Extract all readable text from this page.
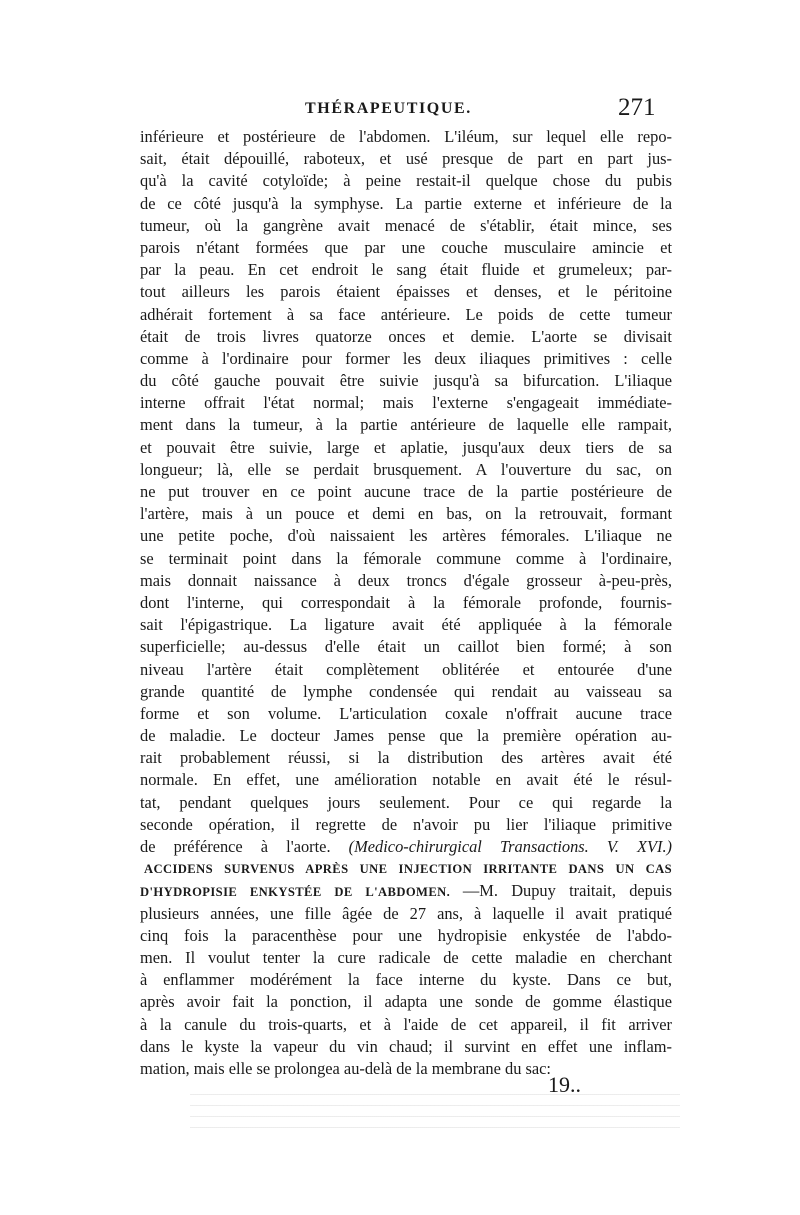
THÉRAPEUTIQUE.	271
inférieure et postérieure de l'abdomen. L'iléum, sur lequel elle repo-
sait, était dépouillé, raboteux, et usé presque de part en part jus-
qu'à la cavité cotyloïde; à peine restait-il quelque chose du pubis
de ce côté jusqu'à la symphyse. La partie externe et inférieure de la
tumeur, où la gangrène avait menacé de s'établir, était mince, ses
parois n'étant formées que par une couche musculaire amincie et
par la peau. En cet endroit le sang était fluide et grumeleux; par-
tout ailleurs les parois étaient épaisses et denses, et le péritoine
adhérait fortement à sa face antérieure. Le poids de cette tumeur
était de trois livres quatorze onces et demie. L'aorte se divisait
comme à l'ordinaire pour former les deux iliaques primitives : celle
du côté gauche pouvait être suivie jusqu'à sa bifurcation. L'iliaque
interne offrait l'état normal; mais l'externe s'engageait immédiate-
ment dans la tumeur, à la partie antérieure de laquelle elle rampait,
et pouvait être suivie, large et aplatie, jusqu'aux deux tiers de sa
longueur; là, elle se perdait brusquement. A l'ouverture du sac, on
ne put trouver en ce point aucune trace de la partie postérieure de
l'artère, mais à un pouce et demi en bas, on la retrouvait, formant
une petite poche, d'où naissaient les artères fémorales. L'iliaque ne
se terminait point dans la fémorale commune comme à l'ordinaire,
mais donnait naissance à deux troncs d'égale grosseur à-peu-près,
dont l'interne, qui correspondait à la fémorale profonde, fournis-
sait l'épigastrique. La ligature avait été appliquée à la fémorale
superficielle; au-dessus d'elle était un caillot bien formé; à son
niveau l'artère était complètement oblitérée et entourée d'une
grande quantité de lymphe condensée qui rendait au vaisseau sa
forme et son volume. L'articulation coxale n'offrait aucune trace
de maladie. Le docteur James pense que la première opération au-
rait probablement réussi, si la distribution des artères avait été
normale. En effet, une amélioration notable en avait été le résul-
tat, pendant quelques jours seulement. Pour ce qui regarde la
seconde opération, il regrette de n'avoir pu lier l'iliaque primitive
de préférence à l'aorte. (Medico-chirurgical Transactions. V. XVI.)
ACCIDENS SURVENUS APRÈS UNE INJECTION IRRITANTE DANS UN CAS
D'HYDROPISIE ENKYSTÉE DE L'ABDOMEN. —M. Dupuy traitait, depuis
plusieurs années, une fille âgée de 27 ans, à laquelle il avait pratiqué
cinq fois la paracenthèse pour une hydropisie enkystée de l'abdo-
men. Il voulut tenter la cure radicale de cette maladie en cherchant
à enflammer modérément la face interne du kyste. Dans ce but,
après avoir fait la ponction, il adapta une sonde de gomme élastique
à la canule du trois-quarts, et à l'aide de cet appareil, il fit arriver
dans le kyste la vapeur du vin chaud; il survint en effet une inflam-
mation, mais elle se prolongea au-delà de la membrane du sac:
19..
